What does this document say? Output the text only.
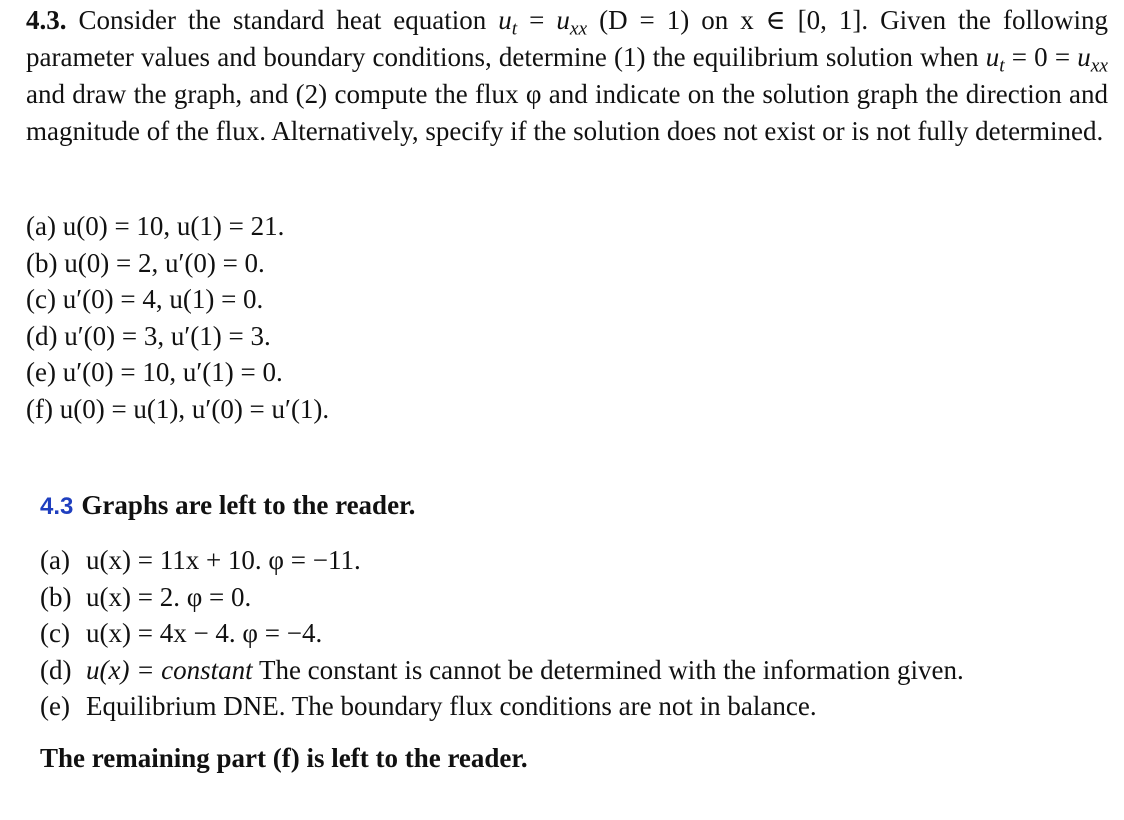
4.3. Consider the standard heat equation $u_t = u_{xx}$ (D = 1) on x ∈ [0, 1]. Given the following parameter values and boundary conditions, determine (1) the equilibrium solution when $u_t = 0 = u_{xx}$ and draw the graph, and (2) compute the flux φ and indicate on the solution graph the direction and magnitude of the flux. Alternatively, specify if the solution does not exist or is not fully determined.
(a) u(0) = 10, u(1) = 21.
(b) u(0) = 2, u′(0) = 0.
(c) u′(0) = 4, u(1) = 0.
(d) u′(0) = 3, u′(1) = 3.
(e) u′(0) = 10, u′(1) = 0.
(f) u(0) = u(1), u′(0) = u′(1).
4.3 Graphs are left to the reader.
(a) u(x) = 11x + 10. φ = −11.
(b) u(x) = 2. φ = 0.
(c) u(x) = 4x − 4. φ = −4.
(d) u(x) = constant The constant is cannot be determined with the information given.
(e) Equilibrium DNE. The boundary flux conditions are not in balance.
The remaining part (f) is left to the reader.
